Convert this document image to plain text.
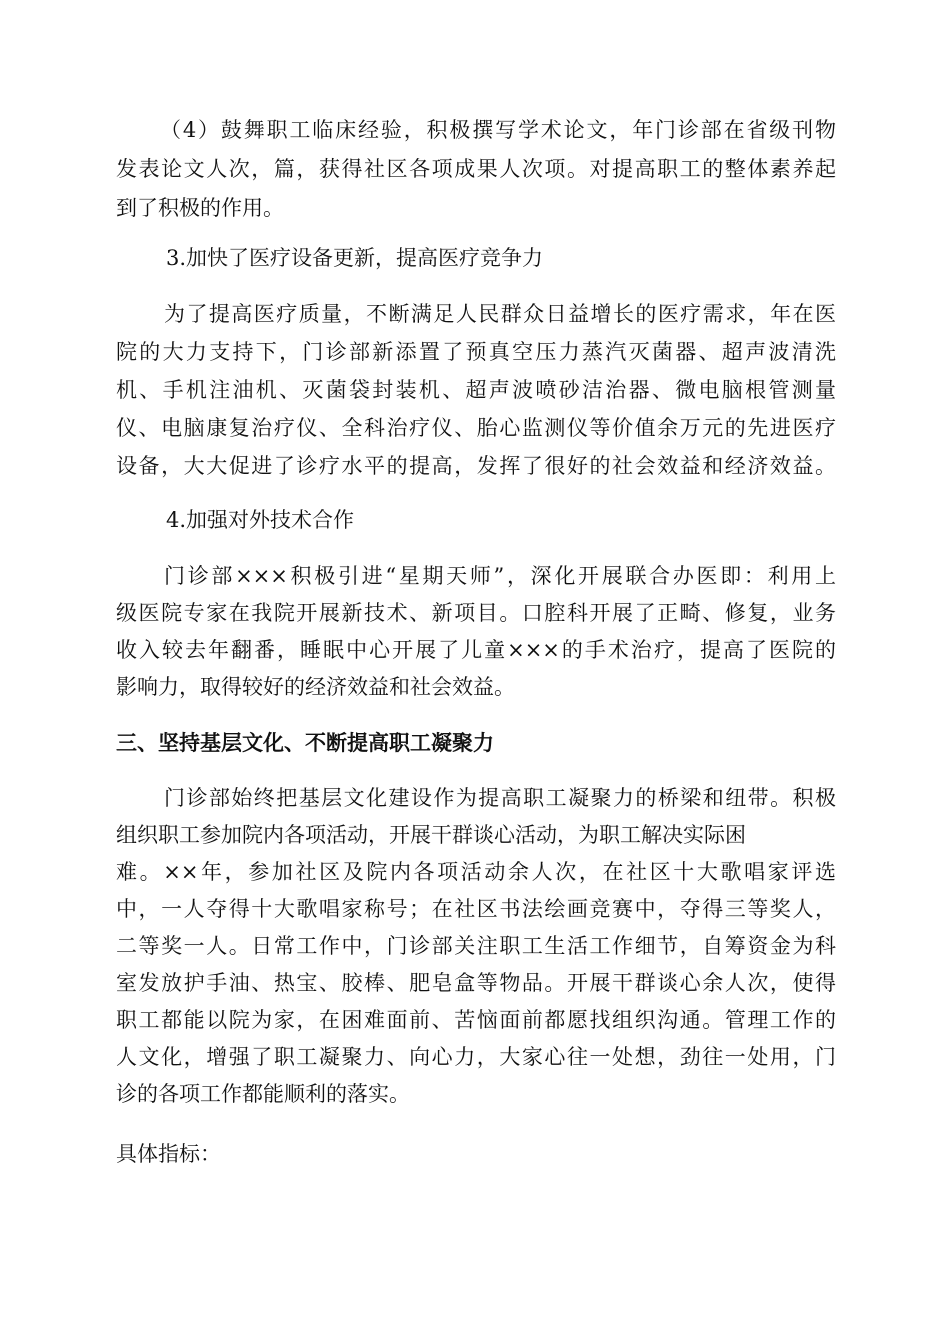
（4）鼓舞职工临床经验，积极撰写学术论文，年门诊部在省级刊物
发表论文人次，篇，获得社区各项成果人次项。对提高职工的整体素养起
到了积极的作用。
3.加快了医疗设备更新，提高医疗竞争力
为了提高医疗质量，不断满足人民群众日益增长的医疗需求，年在医
院的大力支持下，门诊部新添置了预真空压力蒸汽灭菌器、超声波清洗
机、手机注油机、灭菌袋封装机、超声波喷砂洁治器、微电脑根管测量
仪、电脑康复治疗仪、全科治疗仪、胎心监测仪等价值余万元的先进医疗
设备，大大促进了诊疗水平的提高，发挥了很好的社会效益和经济效益。
4.加强对外技术合作
门诊部×××积极引进“星期天师”，深化开展联合办医即：利用上
级医院专家在我院开展新技术、新项目。口腔科开展了正畸、修复，业务
收入较去年翻番，睡眠中心开展了儿童×××的手术治疗，提高了医院的
影响力，取得较好的经济效益和社会效益。
三、坚持基层文化、不断提高职工凝聚力
门诊部始终把基层文化建设作为提高职工凝聚力的桥梁和纽带。积极
组织职工参加院内各项活动，开展干群谈心活动，为职工解决实际困
难。××年，参加社区及院内各项活动余人次，在社区十大歌唱家评选
中，一人夺得十大歌唱家称号；在社区书法绘画竞赛中，夺得三等奖人，
二等奖一人。日常工作中，门诊部关注职工生活工作细节，自筹资金为科
室发放护手油、热宝、胶棒、肥皂盒等物品。开展干群谈心余人次，使得
职工都能以院为家，在困难面前、苦恼面前都愿找组织沟通。管理工作的
人文化，增强了职工凝聚力、向心力，大家心往一处想，劲往一处用，门
诊的各项工作都能顺利的落实。
具体指标：
